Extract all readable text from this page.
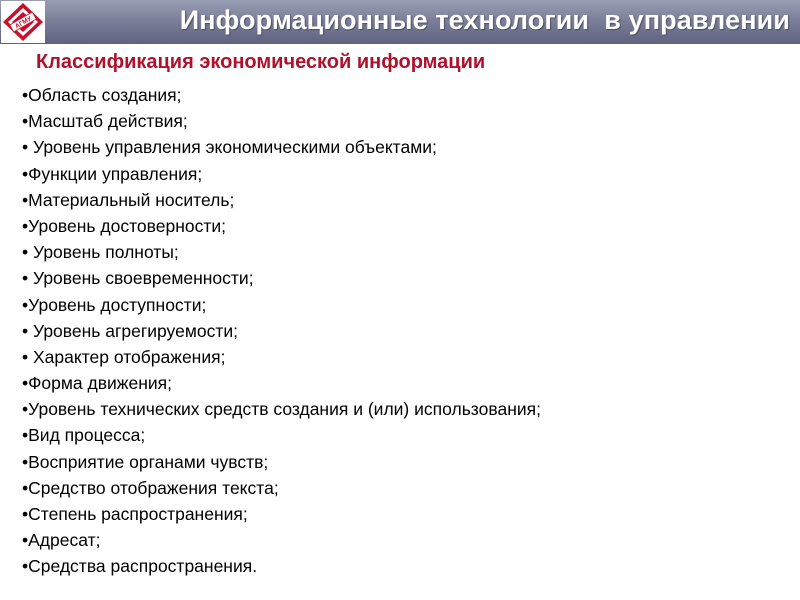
АГМУ	Информационные технологии  в управлении
Классификация экономической информации
•Область создания;
•Масштаб действия;
• Уровень управления экономическими объектами;
•Функции управления;
•Материальный носитель;
•Уровень достоверности;
• Уровень полноты;
• Уровень своевременности;
•Уровень доступности;
• Уровень агрегируемости;
• Характер отображения;
•Форма движения;
•Уровень технических средств создания и (или) использования;
•Вид процесса;
•Восприятие органами чувств;
•Средство отображения текста;
•Степень распространения;
•Адресат;
•Средства распространения.
